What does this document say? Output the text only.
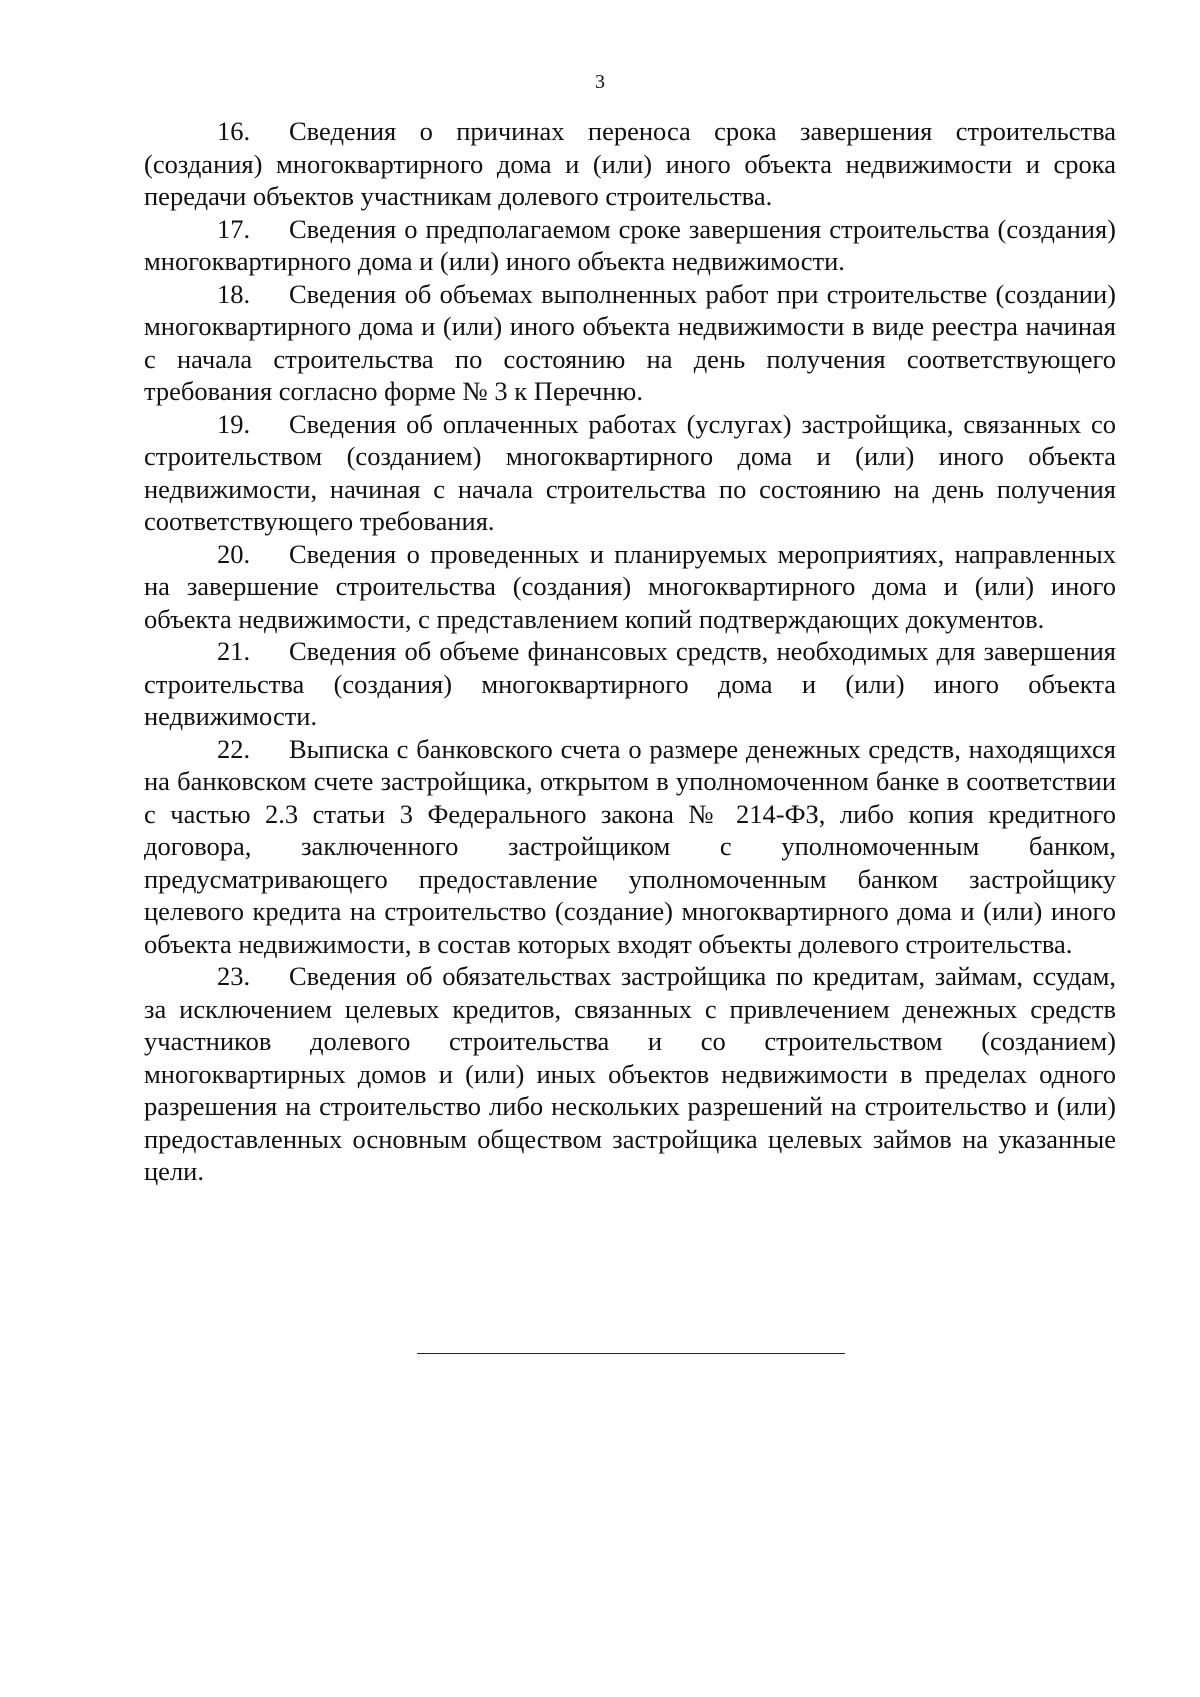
3

16. Сведения о причинах переноса срока завершения строительства (создания) многоквартирного дома и (или) иного объекта недвижимости и срока передачи объектов участникам долевого строительства.

17. Сведения о предполагаемом сроке завершения строительства (создания) многоквартирного дома и (или) иного объекта недвижимости.

18. Сведения об объемах выполненных работ при строительстве (создании) многоквартирного дома и (или) иного объекта недвижимости в виде реестра начиная с начала строительства по состоянию на день получения соответствующего требования согласно форме № 3 к Перечню.

19. Сведения об оплаченных работах (услугах) застройщика, связанных со строительством (созданием) многоквартирного дома и (или) иного объекта недвижимости, начиная с начала строительства по состоянию на день получения соответствующего требования.

20. Сведения о проведенных и планируемых мероприятиях, направленных на завершение строительства (создания) многоквартирного дома и (или) иного объекта недвижимости, с представлением копий подтверждающих документов.

21. Сведения об объеме финансовых средств, необходимых для завершения строительства (создания) многоквартирного дома и (или) иного объекта недвижимости.

22. Выписка с банковского счета о размере денежных средств, находящихся на банковском счете застройщика, открытом в уполномоченном банке в соответствии с частью 2.3 статьи 3 Федерального закона № 214-ФЗ, либо копия кредитного договора, заключенного застройщиком с уполномоченным банком, предусматривающего предоставление уполномоченным банком застройщику целевого кредита на строительство (создание) многоквартирного дома и (или) иного объекта недвижимости, в состав которых входят объекты долевого строительства.

23. Сведения об обязательствах застройщика по кредитам, займам, ссудам, за исключением целевых кредитов, связанных с привлечением денежных средств участников долевого строительства и со строительством (созданием) многоквартирных домов и (или) иных объектов недвижимости в пределах одного разрешения на строительство либо нескольких разрешений на строительство и (или) предоставленных основным обществом застройщика целевых займов на указанные цели.
